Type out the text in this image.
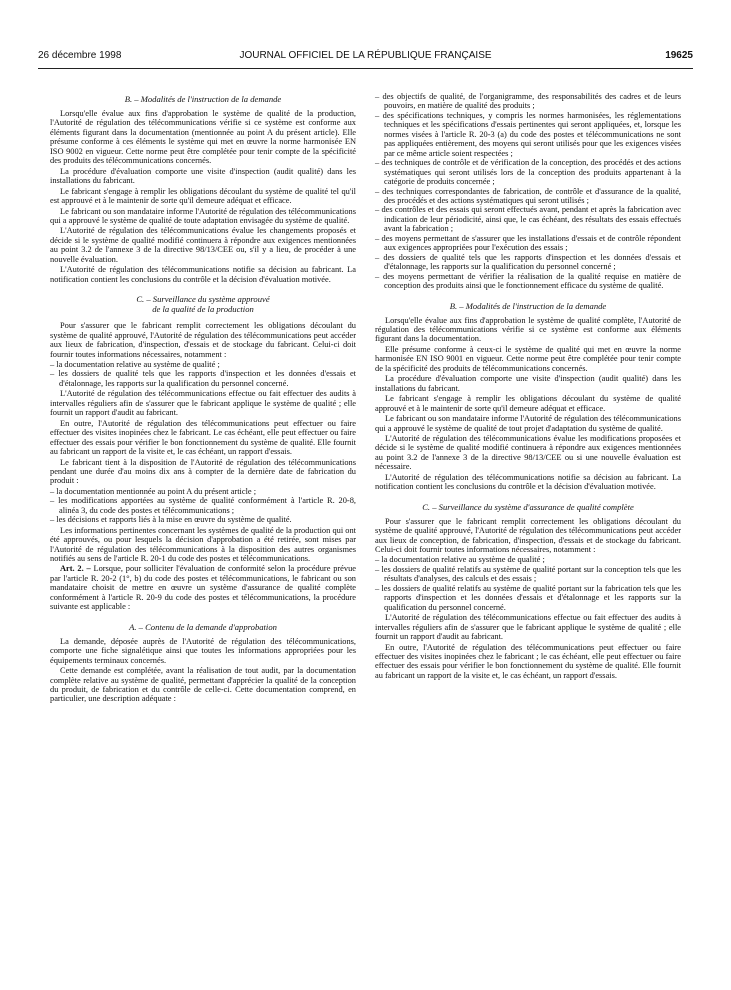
26 décembre 1998	JOURNAL OFFICIEL DE LA RÉPUBLIQUE FRANÇAISE	19625
B. – Modalités de l'instruction de la demande

Lorsqu'elle évalue aux fins d'approbation le système de qualité de la production, l'Autorité de régulation des télécommunications vérifie si ce système est conforme aux éléments figurant dans la documentation (mentionnée au point A du présent article). Elle présume conforme à ces éléments le système qui met en œuvre la norme harmonisée EN ISO 9002 en vigueur. Cette norme peut être complétée pour tenir compte de la spécificité des produits des télécommunications concernés.

La procédure d'évaluation comporte une visite d'inspection (audit qualité) dans les installations du fabricant.

Le fabricant s'engage à remplir les obligations découlant du système de qualité tel qu'il est approuvé et à le maintenir de sorte qu'il demeure adéquat et efficace.

Le fabricant ou son mandataire informe l'Autorité de régulation des télécommunications qui a approuvé le système de qualité de toute adaptation envisagée du système de qualité.

L'Autorité de régulation des télécommunications évalue les changements proposés et décide si le système de qualité modifié continuera à répondre aux exigences mentionnées au point 3.2 de l'annexe 3 de la directive 98/13/CEE ou, s'il y a lieu, de procéder à une nouvelle évaluation.

L'Autorité de régulation des télécommunications notifie sa décision au fabricant. La notification contient les conclusions du contrôle et la décision d'évaluation motivée.

C. – Surveillance du système approuvé
de la qualité de la production

Pour s'assurer que le fabricant remplit correctement les obligations découlant du système de qualité approuvé, l'Autorité de régulation des télécommunications peut accéder aux lieux de fabrication, d'inspection, d'essais et de stockage du fabricant. Celui-ci doit fournir toutes informations nécessaires, notamment :

– la documentation relative au système de qualité ;
– les dossiers de qualité tels que les rapports d'inspection et les données d'essais et d'étalonnage, les rapports sur la qualification du personnel concerné.

L'Autorité de régulation des télécommunications effectue ou fait effectuer des audits à intervalles réguliers afin de s'assurer que le fabricant applique le système de qualité ; elle fournit un rapport d'audit au fabricant.

En outre, l'Autorité de régulation des télécommunications peut effectuer ou faire effectuer des visites inopinées chez le fabricant. Le cas échéant, elle peut effectuer ou faire effectuer des essais pour vérifier le bon fonctionnement du système de qualité. Elle fournit au fabricant un rapport de la visite et, le cas échéant, un rapport d'essais.

Le fabricant tient à la disposition de l'Autorité de régulation des télécommunications pendant une durée d'au moins dix ans à compter de la dernière date de fabrication du produit :

– la documentation mentionnée au point A du présent article ;
– les modifications apportées au système de qualité conformément à l'article R. 20-8, alinéa 3, du code des postes et télécommunications ;
– les décisions et rapports liés à la mise en œuvre du système de qualité.

Les informations pertinentes concernant les systèmes de qualité de la production qui ont été approuvés, ou pour lesquels la décision d'approbation a été retirée, sont mises par l'Autorité de régulation des télécommunications à la disposition des autres organismes notifiés au sens de l'article R. 20-1 du code des postes et télécommunications.

Art. 2. – Lorsque, pour solliciter l'évaluation de conformité selon la procédure prévue par l'article R. 20-2 (1°, b) du code des postes et télécommunications, le fabricant ou son mandataire choisit de mettre en œuvre un système d'assurance de qualité complète conformément à l'article R. 20-9 du code des postes et télécommunications, la procédure suivante est applicable :

A. – Contenu de la demande d'approbation

La demande, déposée auprès de l'Autorité de régulation des télécommunications, comporte une fiche signalétique ainsi que toutes les informations appropriées pour les équipements terminaux concernés.

Cette demande est complétée, avant la réalisation de tout audit, par la documentation complète relative au système de qualité, permettant d'apprécier la qualité de la conception du produit, de fabrication et du contrôle de celle-ci. Cette documentation comprend, en particulier, une description adéquate :

– des objectifs de qualité, de l'organigramme, des responsabilités des cadres et de leurs pouvoirs, en matière de qualité des produits ;
– des spécifications techniques, y compris les normes harmonisées, les réglementations techniques et les spécifications d'essais pertinentes qui seront appliquées, et, lorsque les normes visées à l'article R. 20-3 (a) du code des postes et télécommunications ne sont pas appliquées entièrement, des moyens qui seront utilisés pour que les exigences visées par ce même article soient respectées ;
– des techniques de contrôle et de vérification de la conception, des procédés et des actions systématiques qui seront utilisés lors de la conception des produits appartenant à la catégorie de produits concernée ;
– des techniques correspondantes de fabrication, de contrôle et d'assurance de la qualité, des procédés et des actions systématiques qui seront utilisés ;
– des contrôles et des essais qui seront effectués avant, pendant et après la fabrication avec indication de leur périodicité, ainsi que, le cas échéant, des résultats des essais effectués avant la fabrication ;
– des moyens permettant de s'assurer que les installations d'essais et de contrôle répondent aux exigences appropriées pour l'exécution des essais ;
– des dossiers de qualité tels que les rapports d'inspection et les données d'essais et d'étalonnage, les rapports sur la qualification du personnel concerné ;
– des moyens permettant de vérifier la réalisation de la qualité requise en matière de conception des produits ainsi que le fonctionnement efficace du système de qualité.
B. – Modalités de l'instruction de la demande

Lorsqu'elle évalue aux fins d'approbation le système de qualité complète, l'Autorité de régulation des télécommunications vérifie si ce système est conforme aux éléments figurant dans la documentation.

Elle présume conforme à ceux-ci le système de qualité qui met en œuvre la norme harmonisée EN ISO 9001 en vigueur. Cette norme peut être complétée pour tenir compte de la spécificité des produits de télécommunications concernés.

La procédure d'évaluation comporte une visite d'inspection (audit qualité) dans les installations du fabricant.

Le fabricant s'engage à remplir les obligations découlant du système de qualité approuvé et à le maintenir de sorte qu'il demeure adéquat et efficace.

Le fabricant ou son mandataire informe l'Autorité de régulation des télécommunications qui a approuvé le système de qualité de tout projet d'adaptation du système de qualité.

L'Autorité de régulation des télécommunications évalue les modifications proposées et décide si le système de qualité modifié continuera à répondre aux exigences mentionnées au point 3.2 de l'annexe 3 de la directive 98/13/CEE ou si une nouvelle évaluation est nécessaire.

L'Autorité de régulation des télécommunications notifie sa décision au fabricant. La notification contient les conclusions du contrôle et la décision d'évaluation motivée.

C. – Surveillance du système d'assurance de qualité complète

Pour s'assurer que le fabricant remplit correctement les obligations découlant du système de qualité approuvé, l'Autorité de régulation des télécommunications peut accéder aux lieux de conception, de fabrication, d'inspection, d'essais et de stockage du fabricant. Celui-ci doit fournir toutes informations nécessaires, notamment :

– la documentation relative au système de qualité ;
– les dossiers de qualité relatifs au système de qualité portant sur la conception tels que les résultats d'analyses, des calculs et des essais ;
– les dossiers de qualité relatifs au système de qualité portant sur la fabrication tels que les rapports d'inspection et les données d'essais et d'étalonnage et les rapports sur la qualification du personnel concerné.

L'Autorité de régulation des télécommunications effectue ou fait effectuer des audits à intervalles réguliers afin de s'assurer que le fabricant applique le système de qualité ; elle fournit un rapport d'audit au fabricant.

En outre, l'Autorité de régulation des télécommunications peut effectuer ou faire effectuer des visites inopinées chez le fabricant ; le cas échéant, elle peut effectuer ou faire effectuer des essais pour vérifier le bon fonctionnement du système de qualité. Elle fournit au fabricant un rapport de la visite et, le cas échéant, un rapport d'essais.
